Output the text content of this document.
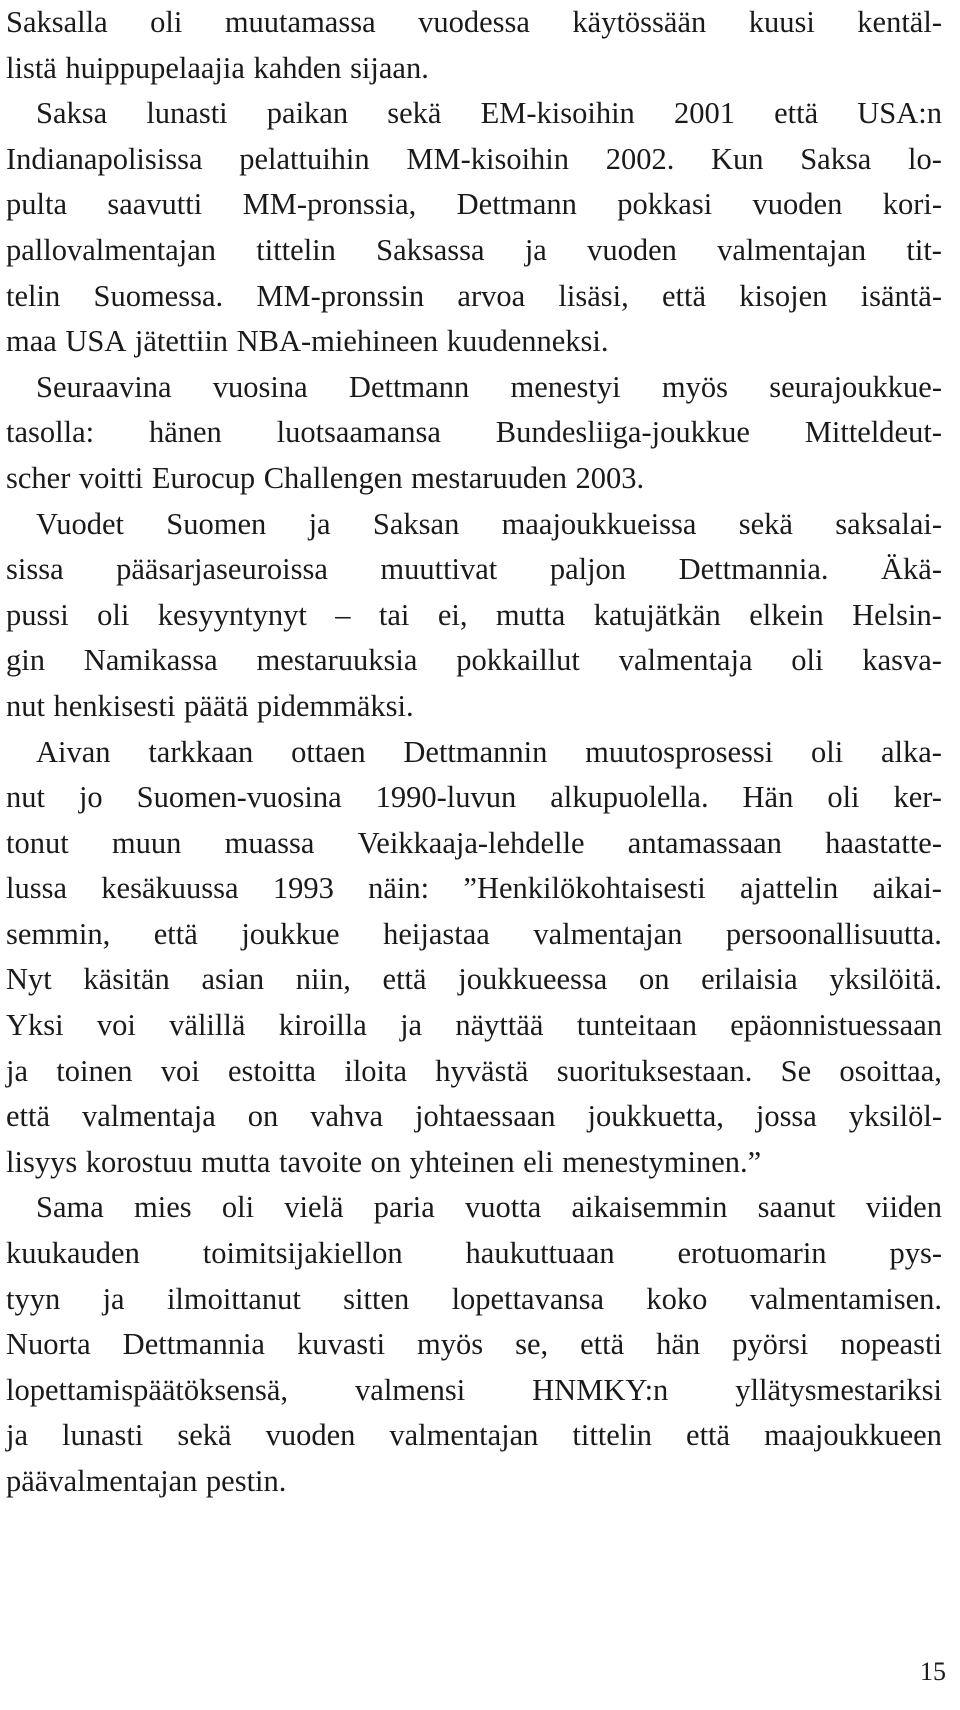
Saksalla oli muutamassa vuodessa käytössään kuusi kentäl-
listä huippupelaajia kahden sijaan.
Saksa lunasti paikan sekä EM-kisoihin 2001 että USA:n
Indianapolisissa pelattuihin MM-kisoihin 2002. Kun Saksa lo-
pulta saavutti MM-pronssia, Dettmann pokkasi vuoden kori-
pallovalmentajan tittelin Saksassa ja vuoden valmentajan tit-
telin Suomessa. MM-pronssin arvoa lisäsi, että kisojen isäntä-
maa USA jätettiin NBA-miehineen kuudenneksi.
Seuraavina vuosina Dettmann menestyi myös seurajoukkue-
tasolla: hänen luotsaamansa Bundesliiga-joukkue Mitteldeut-
scher voitti Eurocup Challengen mestaruuden 2003.
Vuodet Suomen ja Saksan maajoukkueissa sekä saksalai-
sissa pääsarjaseuroissa muuttivat paljon Dettmannia. Äkä-
pussi oli kesyyntynyt – tai ei, mutta katujätkän elkein Helsin-
gin Namikassa mestaruuksia pokkaillut valmentaja oli kasva-
nut henkisesti päätä pidemmäksi.
Aivan tarkkaan ottaen Dettmannin muutosprosessi oli alka-
nut jo Suomen-vuosina 1990-luvun alkupuolella. Hän oli ker-
tonut muun muassa Veikkaaja-lehdelle antamassaan haastatte-
lussa kesäkuussa 1993 näin: ”Henkilökohtaisesti ajattelin aikai-
semmin, että joukkue heijastaa valmentajan persoonallisuutta.
Nyt käsitän asian niin, että joukkueessa on erilaisia yksilöitä.
Yksi voi välillä kiroilla ja näyttää tunteitaan epäonnistuessaan
ja toinen voi estoitta iloita hyvästä suorituksestaan. Se osoittaa,
että valmentaja on vahva johtaessaan joukkuetta, jossa yksilöl-
lisyys korostuu mutta tavoite on yhteinen eli menestyminen.”
Sama mies oli vielä paria vuotta aikaisemmin saanut viiden
kuukauden toimitsijakiellon haukuttuaan erotuomarin pys-
tyyn ja ilmoittanut sitten lopettavansa koko valmentamisen.
Nuorta Dettmannia kuvasti myös se, että hän pyörsi nopeasti
lopettamispäätöksensä, valmensi HNMKY:n yllätysmestariksi
ja lunasti sekä vuoden valmentajan tittelin että maajoukkueen
päävalmentajan pestin.
15
